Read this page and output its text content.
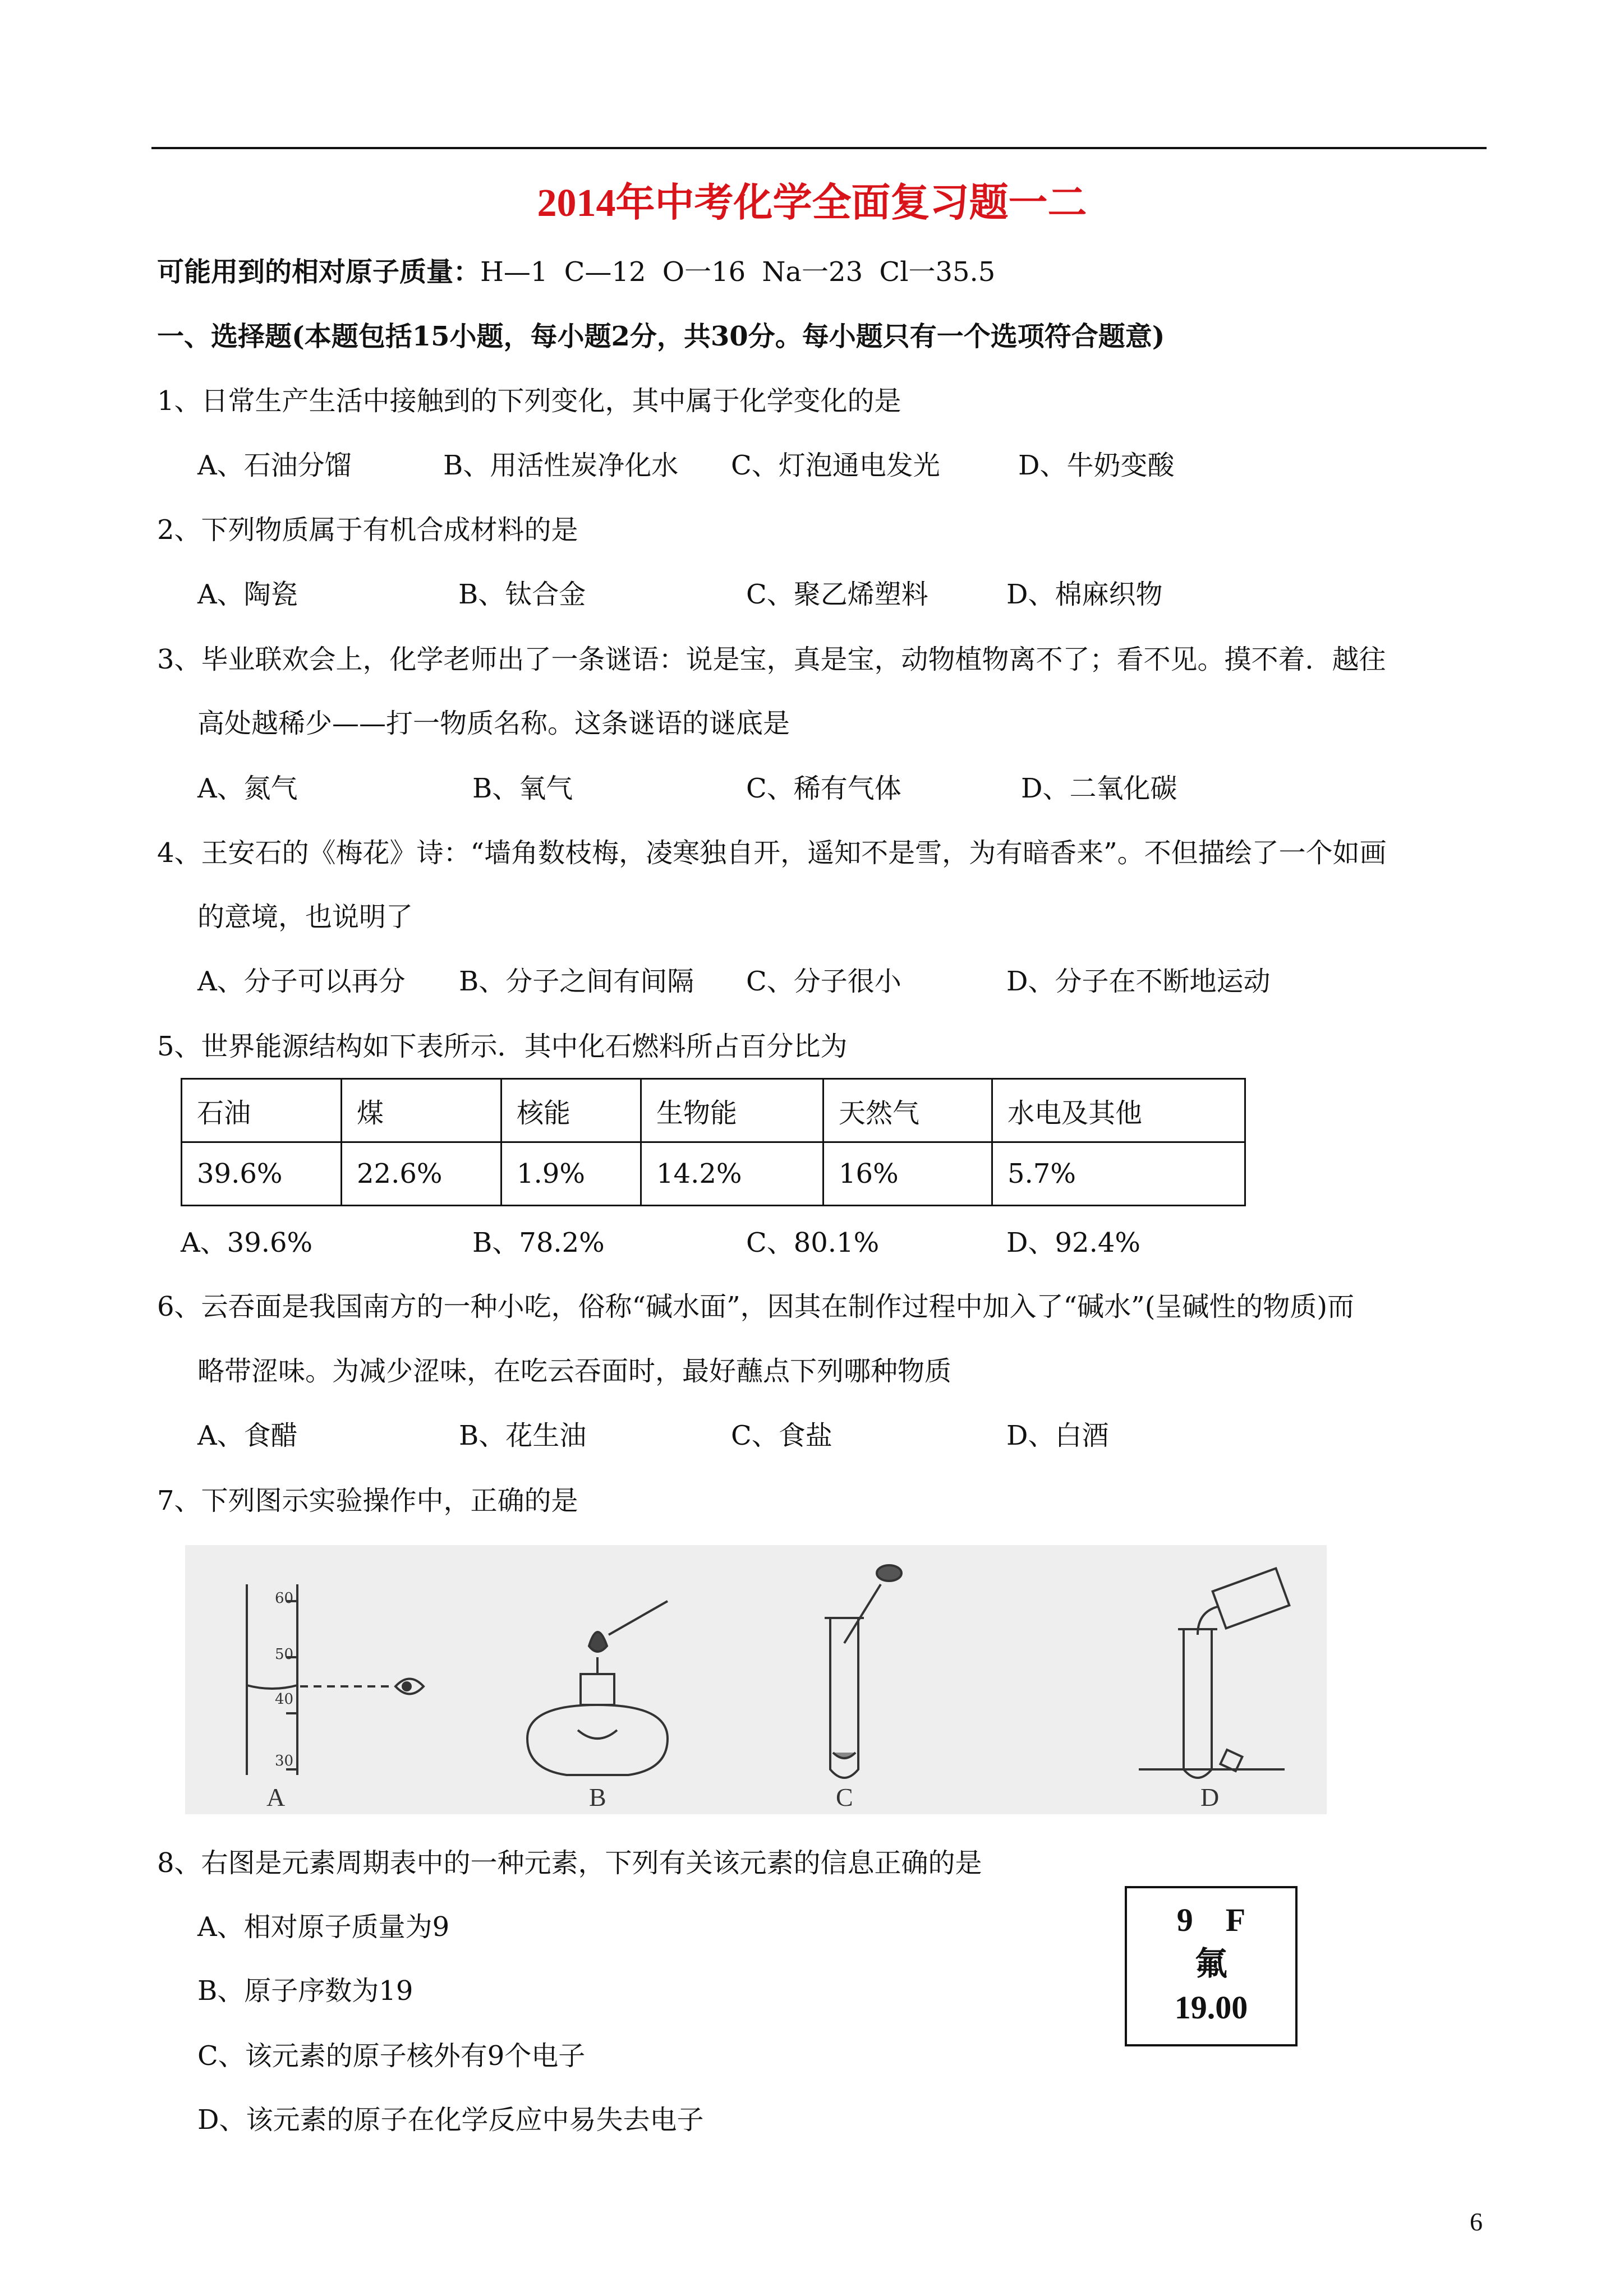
2014年中考化学全面复习题一二
可能用到的相对原子质量：H—1 C—12 O一16 Na一23 Cl一35.5
一、选择题(本题包括15小题，每小题2分，共30分。每小题只有一个选项符合题意)
1、日常生产生活中接触到的下列变化，其中属于化学变化的是
A、石油分馏	B、用活性炭净化水 C、灯泡通电发光	D、牛奶变酸
2、下列物质属于有机合成材料的是
A、陶瓷	B、钛合金	C、聚乙烯塑料	D、棉麻织物
3、毕业联欢会上，化学老师出了一条谜语：说是宝，真是宝，动物植物离不了；看不见。摸不着．越往
高处越稀少——打一物质名称。这条谜语的谜底是
A、氮气	B、氧气	C、稀有气体	D、二氧化碳
4、王安石的《梅花》诗：“墙角数枝梅，凌寒独自开，遥知不是雪，为有暗香来”。不但描绘了一个如画
的意境，也说明了
A、分子可以再分 B、分子之间有间隔 C、分子很小	D、分子在不断地运动
5、世界能源结构如下表所示．其中化石燃料所占百分比为
石油	煤	核能	生物能	天然气	水电及其他
39.6%	22.6%	1.9%	14.2%	16%	5.7%
A、39.6%	B、78.2%	C、80.1%	D、92.4%
6、云吞面是我国南方的一种小吃，俗称“碱水面”，因其在制作过程中加入了“碱水”(呈碱性的物质)而
略带涩味。为减少涩味，在吃云吞面时，最好蘸点下列哪种物质
A、食醋	B、花生油	C、食盐	D、白酒
7、下列图示实验操作中，正确的是
60
50
40
30
A	B	C	D
8、右图是元素周期表中的一种元素，下列有关该元素的信息正确的是
A、相对原子质量为9
B、原子序数为19
C、该元素的原子核外有9个电子
D、该元素的原子在化学反应中易失去电子
9 F
氟
19.00
6
